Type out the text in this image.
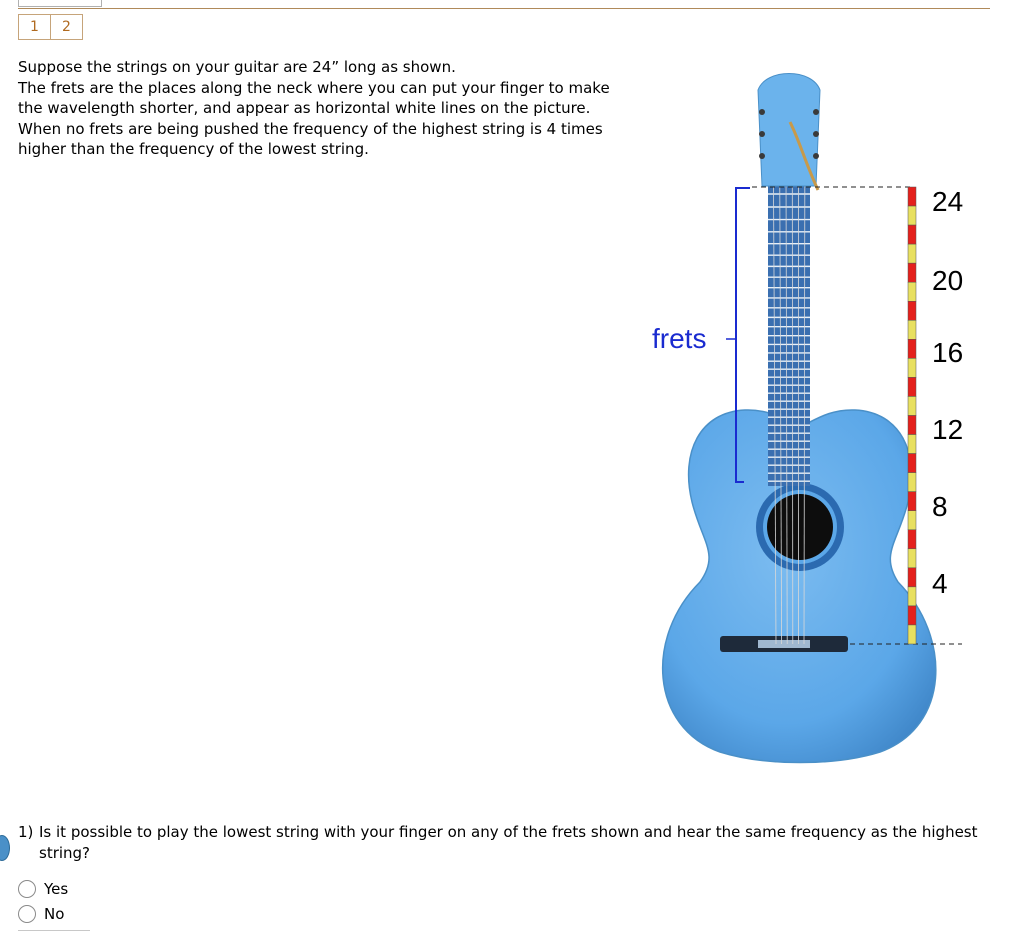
1	2

Suppose the strings on your guitar are 24” long as shown.

The frets are the places along the neck where you can put your finger to make the wavelength shorter, and appear as horizontal white lines on the picture.

When no frets are being pushed the frequency of the highest string is 4 times higher than the frequency of the lowest string.

frets
24
20
16
12
8
4
1) Is it possible to play the lowest string with your finger on any of the frets shown and hear the same frequency as the highest string?
Yes
No
